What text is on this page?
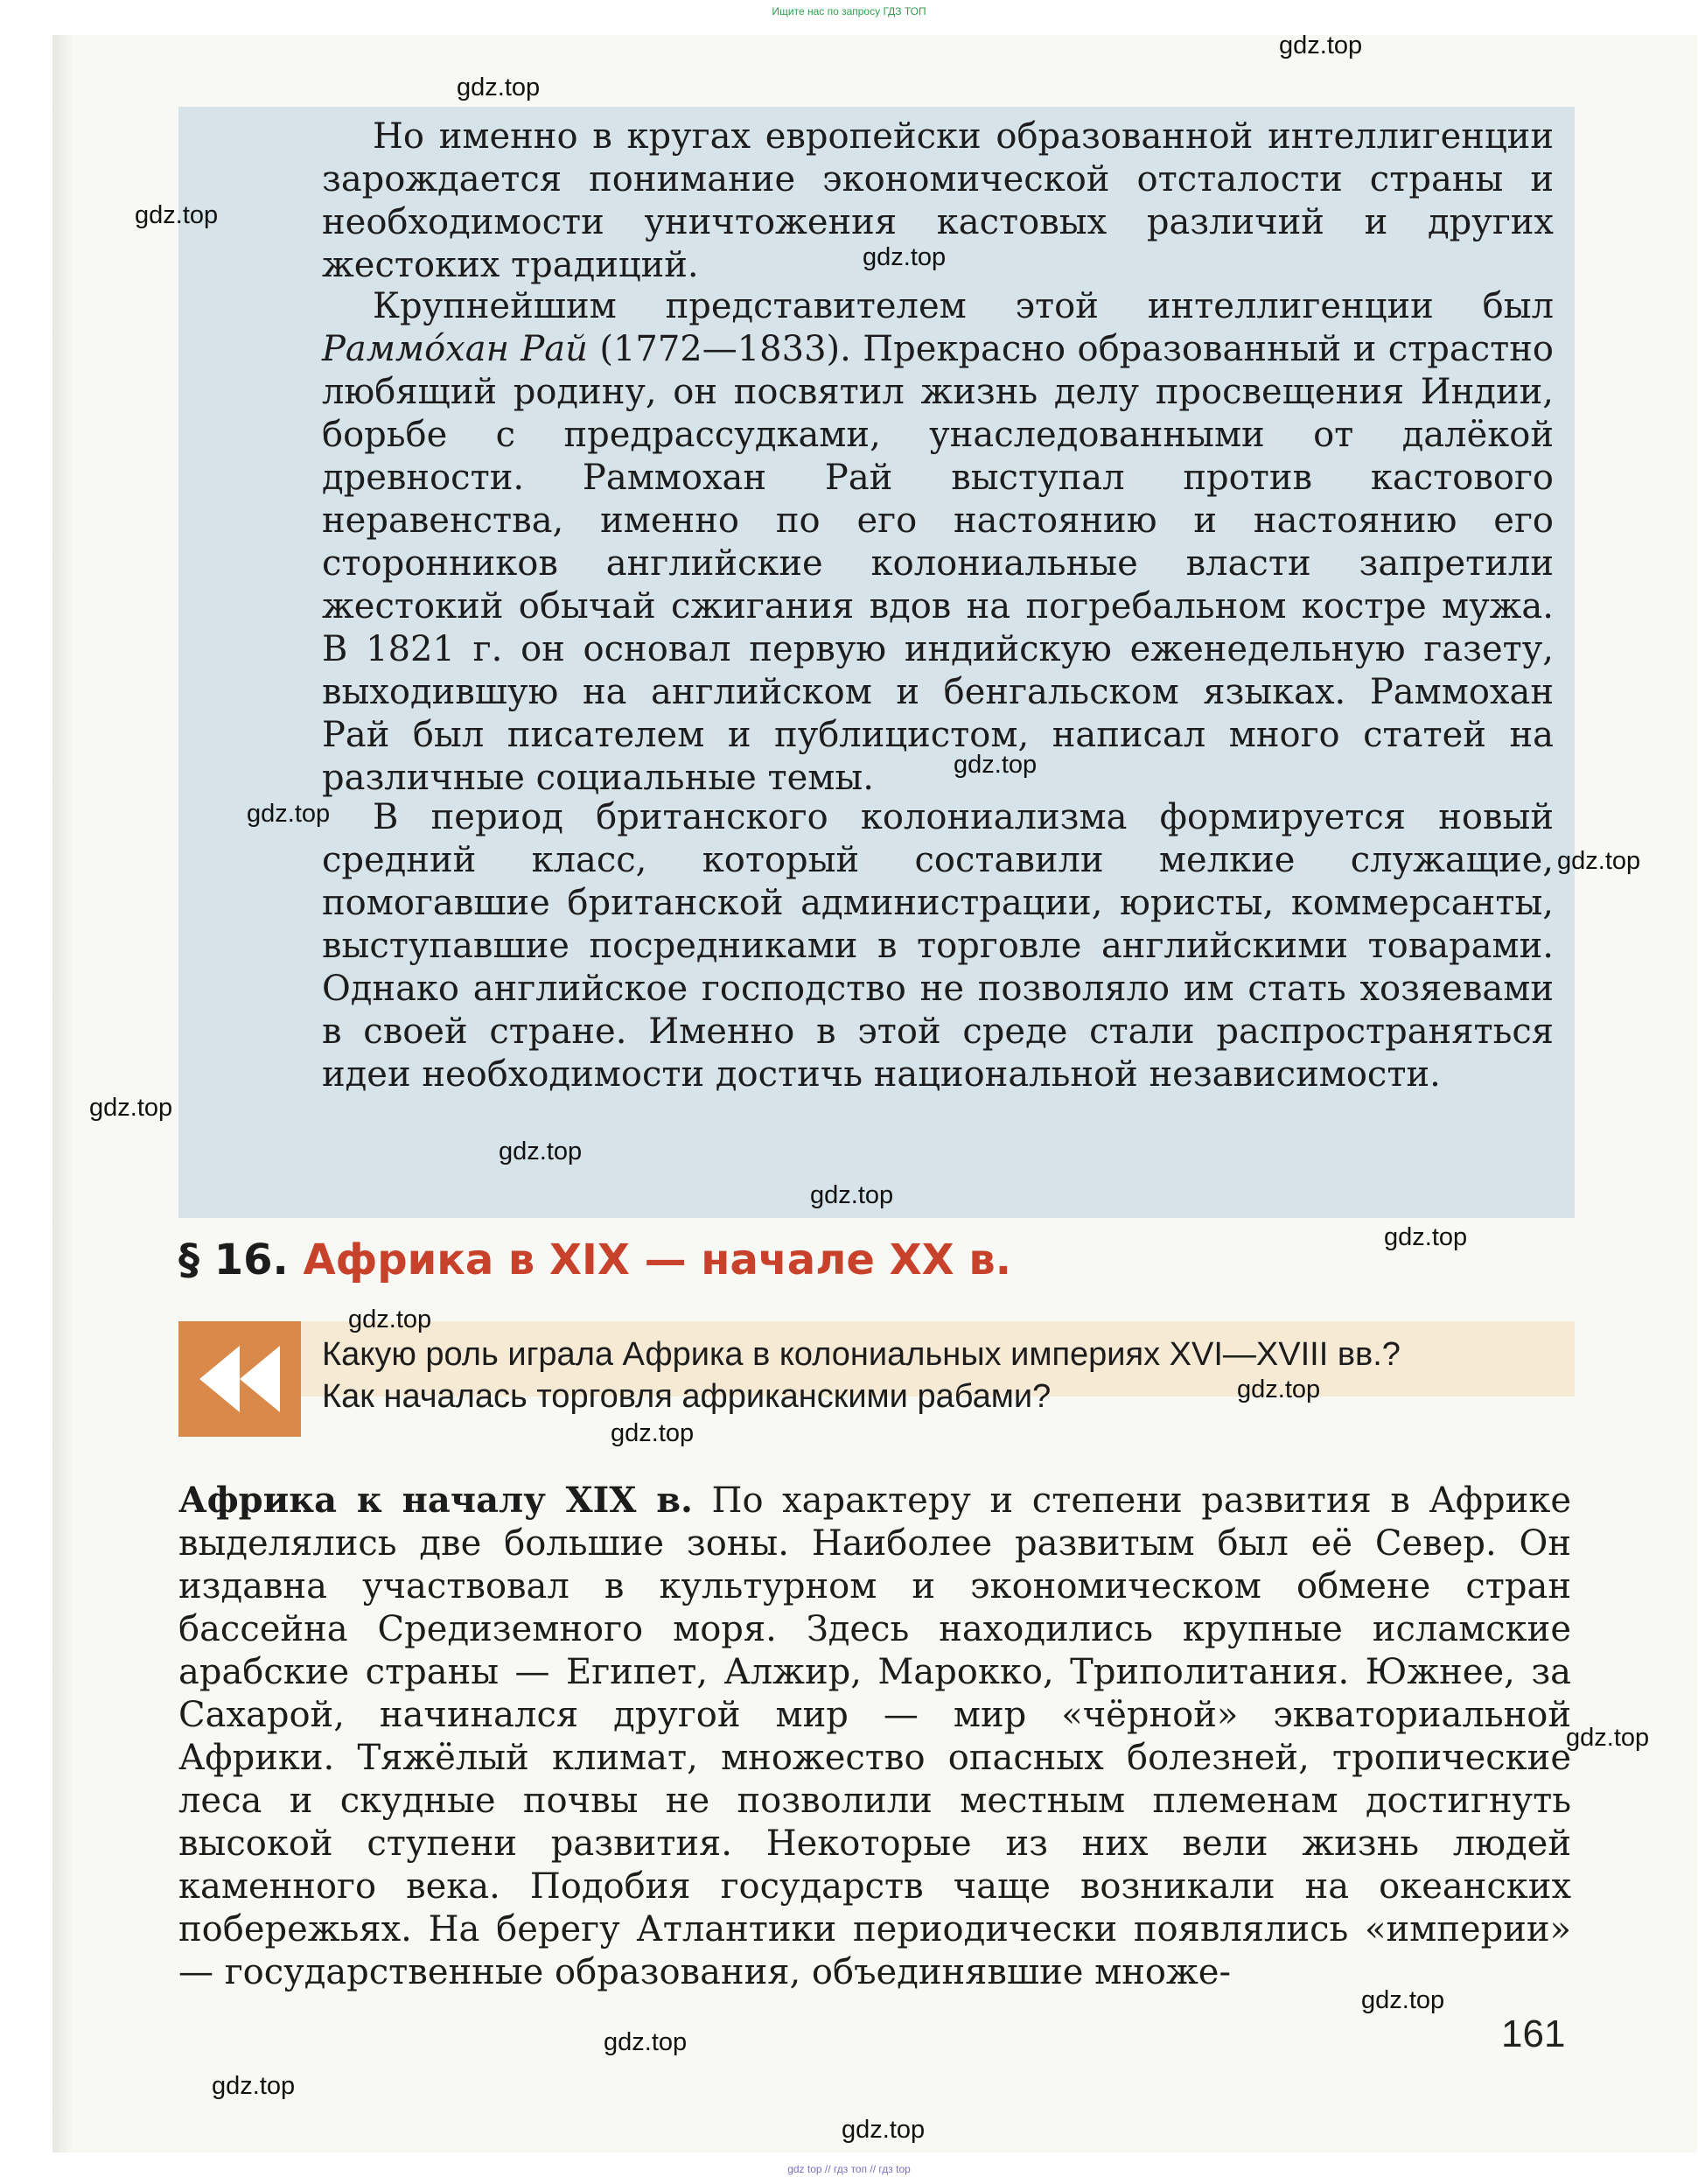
Ищите нас по запросу ГДЗ ТОП

Но именно в кругах европейски образованной интеллигенции зарождается понимание экономической отсталости страны и необходимости уничтожения кастовых различий и других жестоких традиций.

Крупнейшим представителем этой интеллигенции был Раммóхан Рай (1772—1833). Прекрасно образованный и страстно любящий родину, он посвятил жизнь делу просвещения Индии, борьбе с предрассудками, унаследованными от далёкой древности. Раммохан Рай выступал против кастового неравенства, именно по его настоянию и настоянию его сторонников английские колониальные власти запретили жестокий обычай сжигания вдов на погребальном костре мужа. В 1821 г. он основал первую индийскую еженедельную газету, выходившую на английском и бенгальском языках. Раммохан Рай был писателем и публицистом, написал много статей на различные социальные темы.

В период британского колониализма формируется новый средний класс, который составили мелкие служащие, помогавшие британской администрации, юристы, коммерсанты, выступавшие посредниками в торговле английскими товарами. Однако английское господство не позволяло им стать хозяевами в своей стране. Именно в этой среде стали распространяться идеи необходимости достичь национальной независимости.

§ 16. Африка в XIX — начале XX в.
Какую роль играла Африка в колониальных империях XVI—XVIII вв.?
Как началась торговля африканскими рабами?

Африка к началу XIX в. По характеру и степени развития в Африке выделялись две большие зоны. Наиболее развитым был её Север. Он издавна участвовал в культурном и экономическом обмене стран бассейна Средиземного моря. Здесь находились крупные исламские арабские страны — Египет, Алжир, Марокко, Триполитания. Южнее, за Сахарой, начинался другой мир — мир «чёрной» экваториальной Африки. Тяжёлый климат, множество опасных болезней, тропические леса и скудные почвы не позволили местным племенам достигнуть высокой ступени развития. Некоторые из них вели жизнь людей каменного века. Подобия государств чаще возникали на океанских побережьях. На берегу Атлантики периодически появлялись «империи» — государственные образования, объединявшие множе-

161
gdz.top
gdz.top
gdz.top
gdz.top
gdz.top
gdz.top
gdz.top
gdz.top
gdz.top
gdz.top
gdz.top
gdz.top
gdz.top
gdz.top
gdz.top
gdz.top
gdz.top
gdz.top
gdz.top
gdz top // гдз топ // гдз top
